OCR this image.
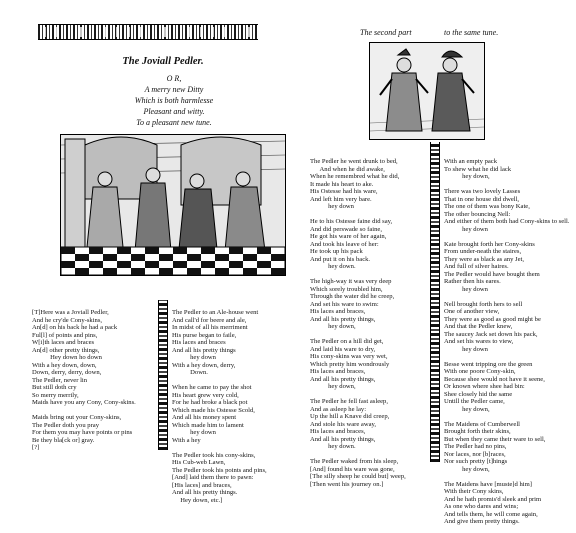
The Joviall Pedler.
O R,
A merry new Ditty
Which is both harmlesse
Pleasant and witty.
To a pleasant new tune.

[T]Here was a Joviall Pedler,
And he cry'de Cony-skins,
An[d] on his back he had a pack
Ful[l] of points and pins,
W[i]th laces and braces
An[d] other pretty things,
Hey down ho down
With a hey down, down,
Down, derry, derry, down,
The Pedler, never lin
But still doth cry
So merry merrily,
Maids have you any Cony, Cony-skins.
Maids bring out your Cony-skins,
The Pedler doth you pray
For them you may have points or pins
Be they bla[ck or] gray.
[?]

The Pedler to an Ale-house went
And call'd for beere and ale,
In midst of all his merriment
His purse began to faile,
His laces and braces
And all his pretty things
hey down
With a hey down, derry,
Down.
When he came to pay the shot
His heart grew very cold,
For he had broke a black pot
Which made his Ostesse Scold,
And all his money spent
Which made him to lament
hey down
With a hey
The Pedler took his cony-skins,
His Cub-web Lawn,
The Pedler took his points and pins,
[And] laid them there to pawn:
[His laces] and braces,
And all his pretty things.
Hey down, etc.]

The second part	to the same tune.

The Pedler he went drunk to bed,
And when he did awake,
When he remembred what he did,
It made his heart to ake.
His Ostesse had his ware,
And left him very bare.
hey down
He to his Ostesse faine did say,
And did perswade so faine,
He got his ware of her again,
And took his leave of her:
He took up his pack
And put it on his back.
hey down.
The high-way it was very deep
Which sorely troubled him,
Through the water did he creep,
And set his ware to swim:
His laces and braces,
And all his pretty things,
hey down,
The Pedler on a hill did get,
And laid his ware to dry,
His cony-skins was very wet,
Which pretty him wondrously
His laces and braces,
And all his pretty things,
hey down,
The Pedler he fell fast asleep,
And as asleep he lay:
Up the hill a Knave did creep,
And stole his ware away,
His laces and braces,
And all his pretty things,
hey down.
The Pedler waked from his sleep,
[And] found his ware was gone,
[The silly sheep he could but] weep,
[Then went his journey on.]

With an empty pack
To shew what he did lack
hey down,
There was two lovely Lasses
That in one house did dwell,
The one of them was bony Kate,
The other bouncing Nell:
And either of them both had Cony-skins to sell.
hey down
Kate brought forth her Cony-skins
From under-neath the staires,
They were as black as any Jet,
And full of silver haires.
The Pedler would have bought them
Rather then his eares.
hey down
Nell brought forth hers to sell
One of another view,
They were as good as good might be
And that the Pedler knew,
The saucey Jack set down his pack,
And set his wares to view,
hey down
Besse went tripping ore the green
With one poore Cony-skin,
Because shee would not have it seene,
Or known where shee had bin:
Shee closely hid the same
Untill the Pedler came,
hey down,
The Maidens of Cumberwell
Brought forth their skins,
But when they came their ware to sell,
The Pedler had no pins,
Nor laces, nor [b]races,
Nor such pretty [t]hings
hey down,
The Maidens have [muste]d him]
With their Cony skins,
And he hath promis'd sleek and prim
As one who dares and wins;
And tells them, he will come again,
And give them pretty things.
